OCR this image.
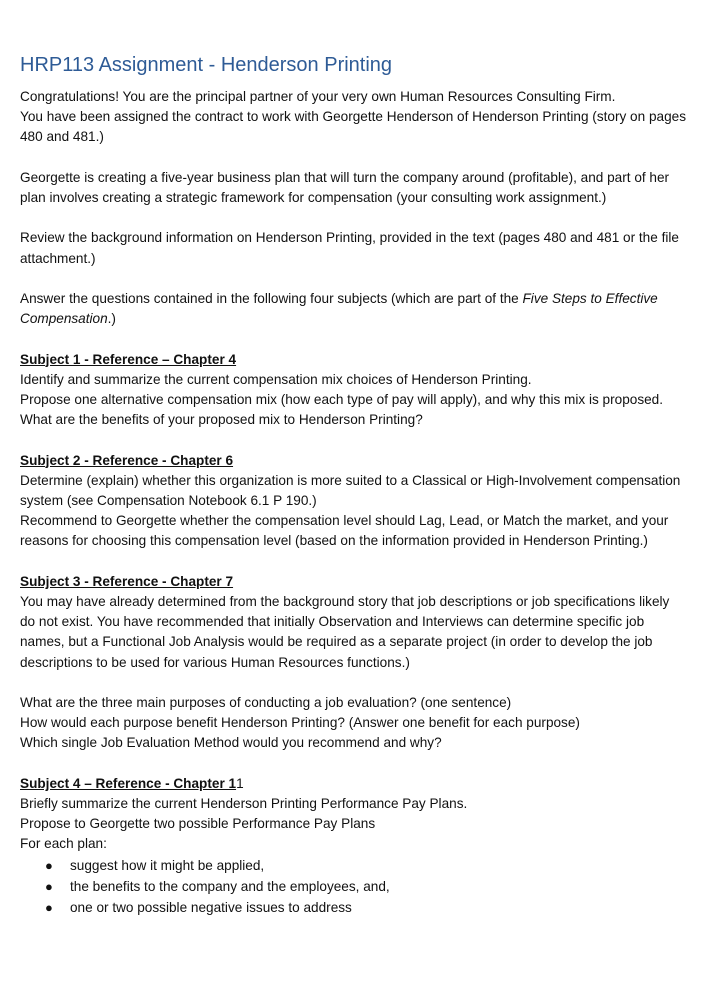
HRP113 Assignment - Henderson Printing

Congratulations! You are the principal partner of your very own Human Resources Consulting Firm.

You have been assigned the contract to work with Georgette Henderson of Henderson Printing (story on pages 480 and 481.)

Georgette is creating a five-year business plan that will turn the company around (profitable), and part of her plan involves creating a strategic framework for compensation (your consulting work assignment.)

Review the background information on Henderson Printing, provided in the text (pages 480 and 481 or the file attachment.)

Answer the questions contained in the following four subjects (which are part of the Five Steps to Effective Compensation.)

Subject 1 - Reference – Chapter 4

Identify and summarize the current compensation mix choices of Henderson Printing.

Propose one alternative compensation mix (how each type of pay will apply), and why this mix is proposed.

What are the benefits of your proposed mix to Henderson Printing?

Subject 2 - Reference - Chapter 6

Determine (explain) whether this organization is more suited to a Classical or High-Involvement compensation system (see Compensation Notebook 6.1 P 190.)

Recommend to Georgette whether the compensation level should Lag, Lead, or Match the market, and your reasons for choosing this compensation level (based on the information provided in Henderson Printing.)

Subject 3 - Reference - Chapter 7

You may have already determined from the background story that job descriptions or job specifications likely do not exist. You have recommended that initially Observation and Interviews can determine specific job names, but a Functional Job Analysis would be required as a separate project (in order to develop the job descriptions to be used for various Human Resources functions.)

What are the three main purposes of conducting a job evaluation? (one sentence)

How would each purpose benefit Henderson Printing? (Answer one benefit for each purpose)

Which single Job Evaluation Method would you recommend and why?

Subject 4 – Reference - Chapter 11

Briefly summarize the current Henderson Printing Performance Pay Plans.

Propose to Georgette two possible Performance Pay Plans

For each plan:

● suggest how it might be applied,
● the benefits to the company and the employees, and,
● one or two possible negative issues to address
